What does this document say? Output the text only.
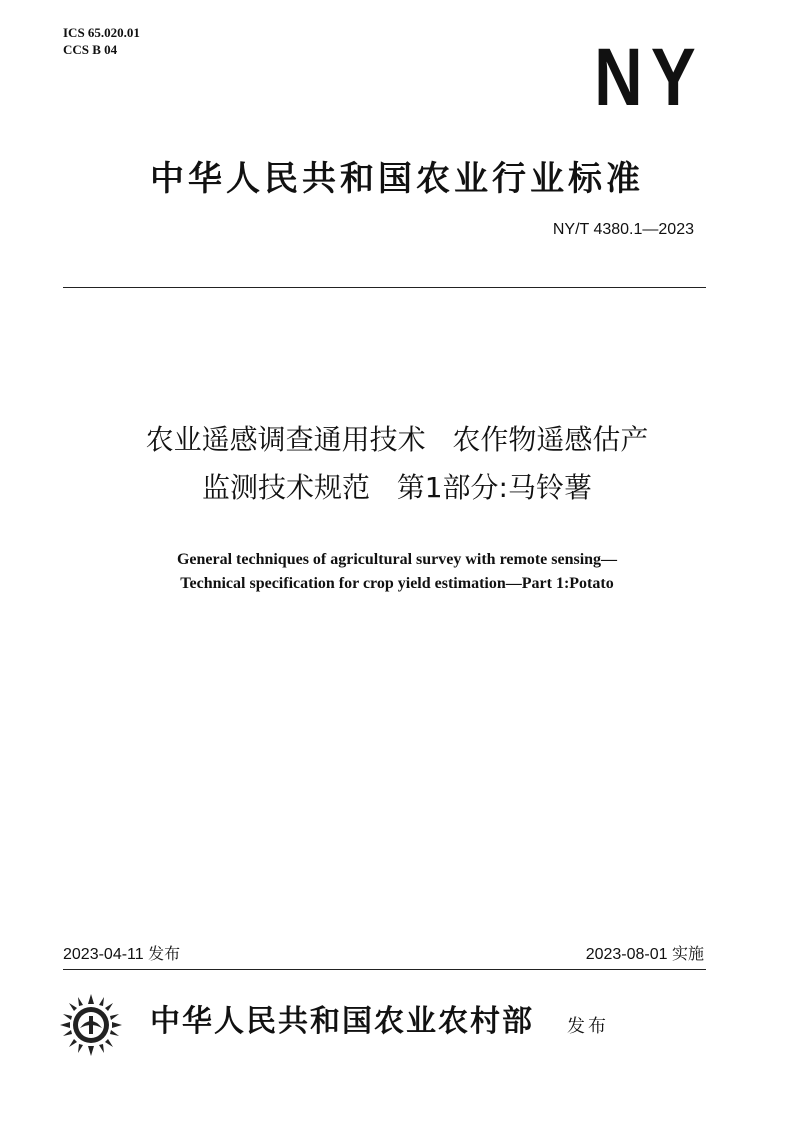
ICS 65.020.01
CCS B 04	NY
中华人民共和国农业行业标准
NY/T 4380.1—2023
农业遥感调查通用技术   农作物遥感估产
监测技术规范   第1部分:马铃薯
General techniques of agricultural survey with remote sensing—
Technical specification for crop yield estimation—Part 1:Potato
2023-04-11 发布	2023-08-01 实施
中华人民共和国农业农村部 发布
